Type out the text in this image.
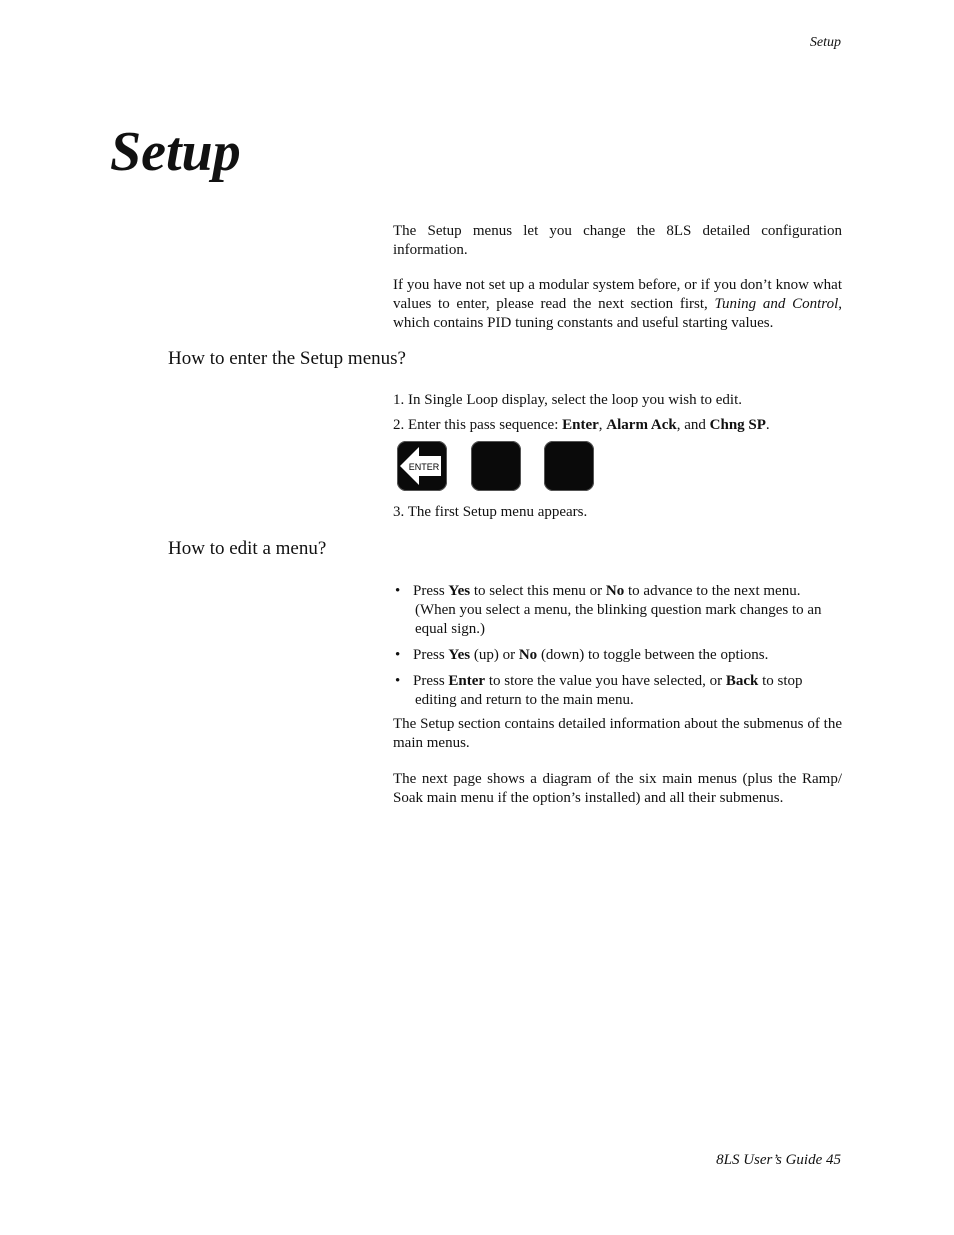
Setup
Setup

The Setup menus let you change the 8LS detailed configuration information.

If you have not set up a modular system before, or if you don’t know what values to enter, please read the next section first, Tuning and Control, which contains PID tuning constants and useful starting values.

How to enter the Setup menus?

1. In Single Loop display, select the loop you wish to edit.

2. Enter this pass sequence: Enter, Alarm Ack, and Chng SP.

ENTER

3. The first Setup menu appears.

How to edit a menu?
• Press Yes to select this menu or No to advance to the next menu. (When you select a menu, the blinking question mark changes to an equal sign.)
• Press Yes (up) or No (down) to toggle between the options.
• Press Enter to store the value you have selected, or Back to stop editing and return to the main menu.

The Setup section contains detailed information about the submenus of the main menus.

The next page shows a diagram of the six main menus (plus the Ramp/ Soak main menu if the option’s installed) and all their submenus.

8LS User’s Guide 45
